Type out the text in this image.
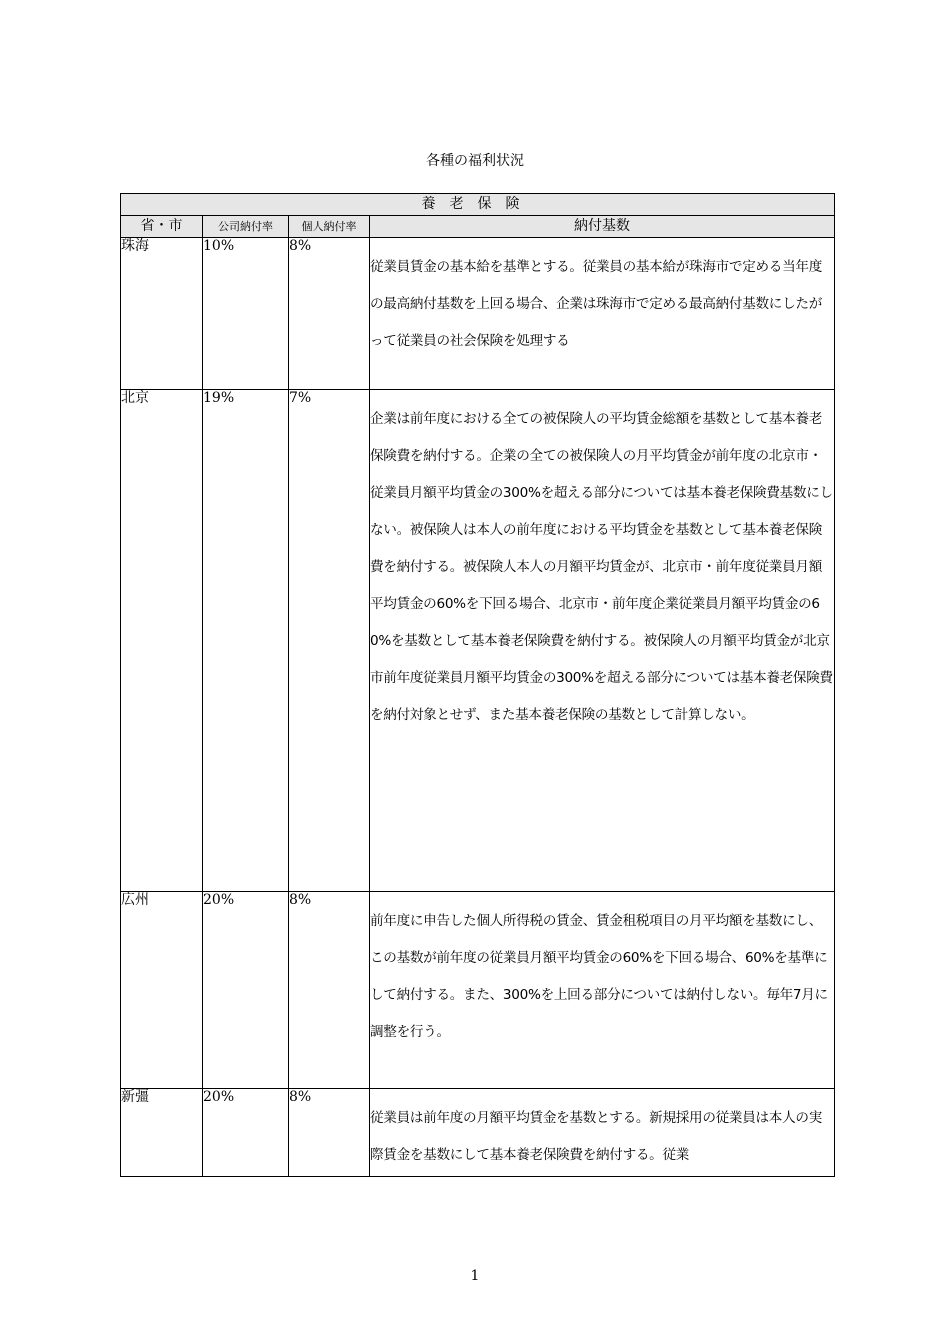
各種の福利状況
養老保険			
省・市	公司納付率	個人納付率	納付基数
珠海	10%	8%	従業員賃金の基本給を基準とする。従業員の基本給が珠海市で定める当年度の最高納付基数を上回る場合、企業は珠海市で定める最高納付基数にしたがって従業員の社会保険を処理する

北京	19%	7%	企業は前年度における全ての被保険人の平均賃金総額を基数として基本養老保険費を納付する。企業の全ての被保険人の月平均賃金が前年度の北京市・従業員月額平均賃金の300%を超える部分については基本養老保険費基数にしない。被保険人は本人の前年度における平均賃金を基数として基本養老保険費を納付する。被保険人本人の月額平均賃金が、北京市・前年度従業員月額平均賃金の60%を下回る場合、北京市・前年度企業従業員月額平均賃金の60%を基数として基本養老保険費を納付する。被保険人の月額平均賃金が北京市前年度従業員月額平均賃金の300%を超える部分については基本養老保険費を納付対象とせず、また基本養老保険の基数として計算しない。

広州	20%	8%	前年度に申告した個人所得税の賃金、賃金租税項目の月平均額を基数にし、この基数が前年度の従業員月額平均賃金の60%を下回る場合、60%を基準にして納付する。また、300%を上回る部分については納付しない。毎年7月に調整を行う。

新彊	20%	8%	従業員は前年度の月額平均賃金を基数とする。新規採用の従業員は本人の実際賃金を基数にして基本養老保険費を納付する。従業
1
